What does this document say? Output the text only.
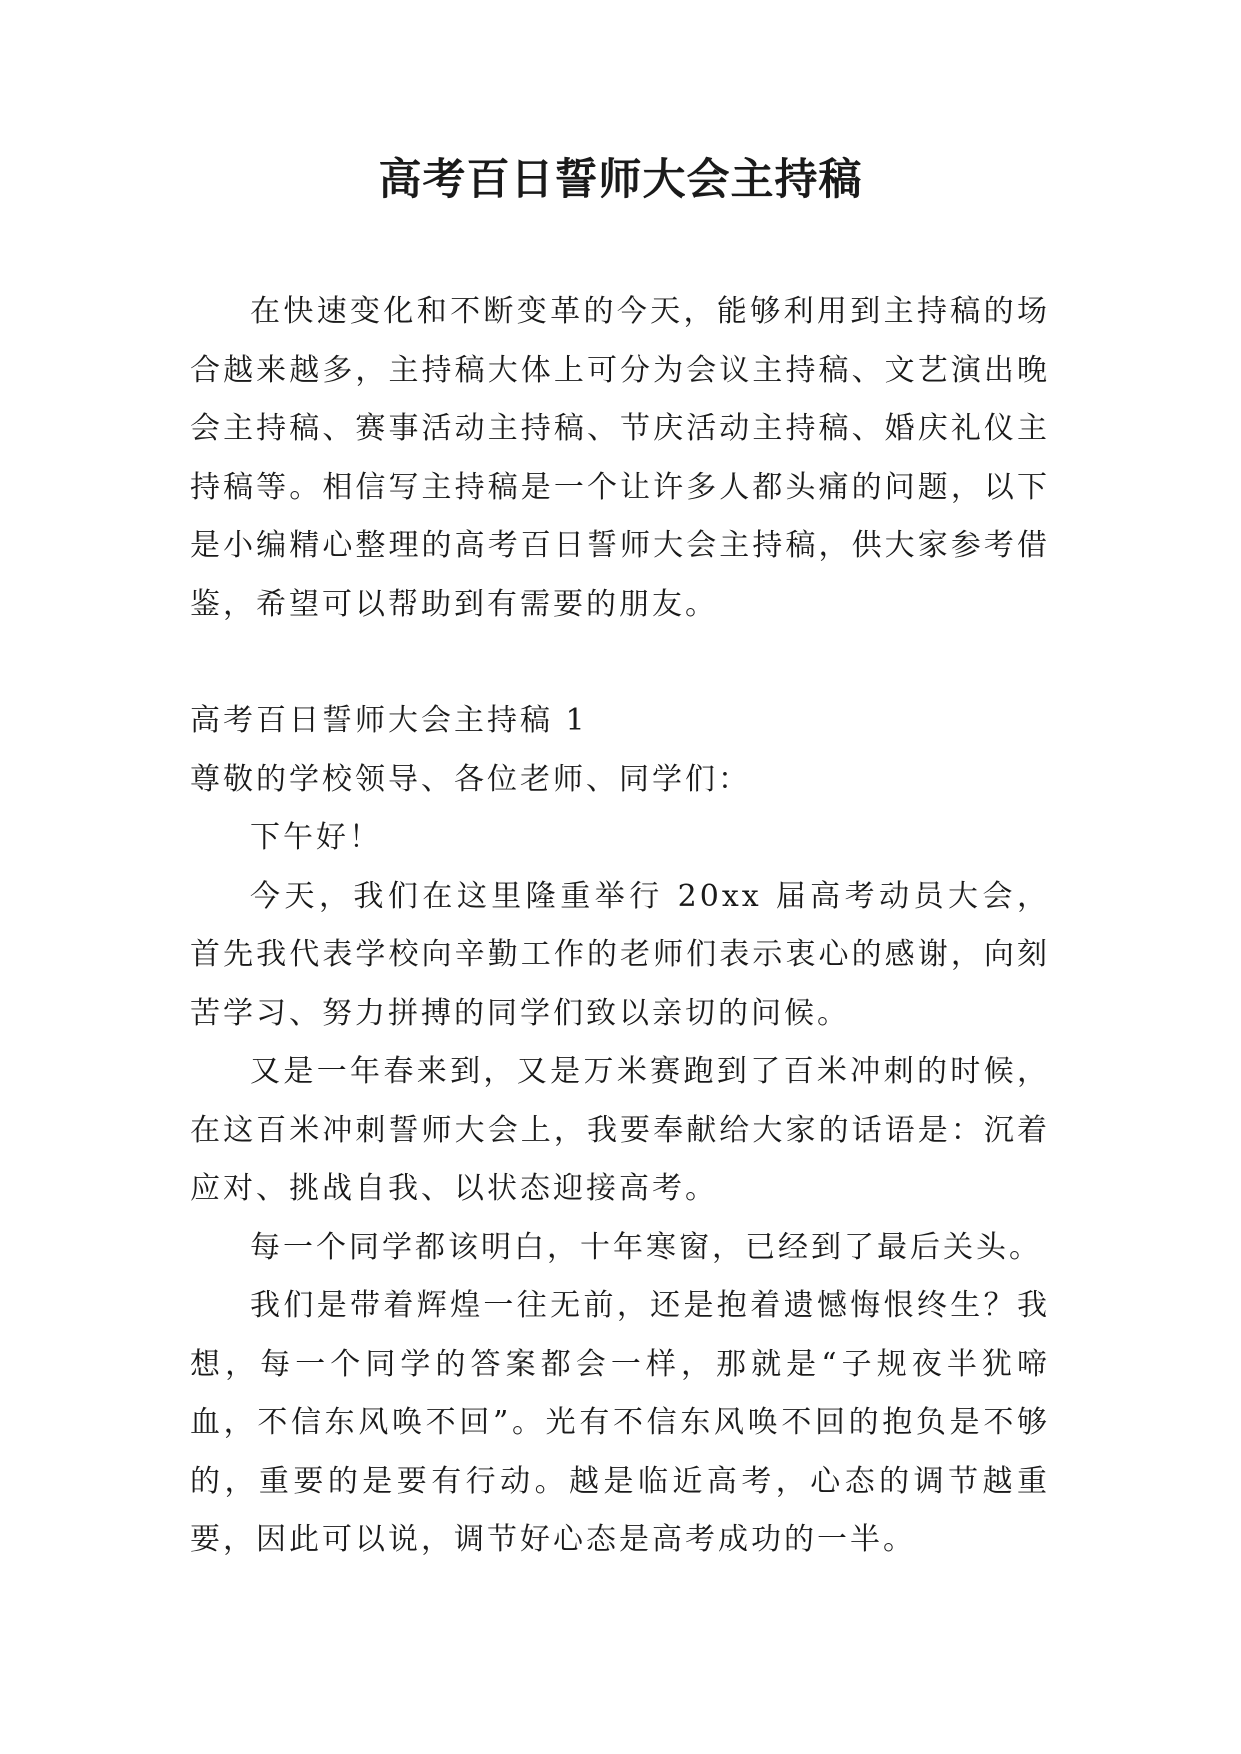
高考百日誓师大会主持稿

在快速变化和不断变革的今天，能够利用到主持稿的场合越来越多，主持稿大体上可分为会议主持稿、文艺演出晚会主持稿、赛事活动主持稿、节庆活动主持稿、婚庆礼仪主持稿等。相信写主持稿是一个让许多人都头痛的问题，以下是小编精心整理的高考百日誓师大会主持稿，供大家参考借鉴，希望可以帮助到有需要的朋友。

高考百日誓师大会主持稿 1

尊敬的学校领导、各位老师、同学们：

下午好！

今天，我们在这里隆重举行 20xx 届高考动员大会，首先我代表学校向辛勤工作的老师们表示衷心的感谢，向刻苦学习、努力拼搏的同学们致以亲切的问候。

又是一年春来到，又是万米赛跑到了百米冲刺的时候，在这百米冲刺誓师大会上，我要奉献给大家的话语是：沉着应对、挑战自我、以状态迎接高考。

每一个同学都该明白，十年寒窗，已经到了最后关头。

我们是带着辉煌一往无前，还是抱着遗憾悔恨终生？我想，每一个同学的答案都会一样，那就是“子规夜半犹啼血，不信东风唤不回”。光有不信东风唤不回的抱负是不够的，重要的是要有行动。越是临近高考，心态的调节越重要，因此可以说，调节好心态是高考成功的一半。
